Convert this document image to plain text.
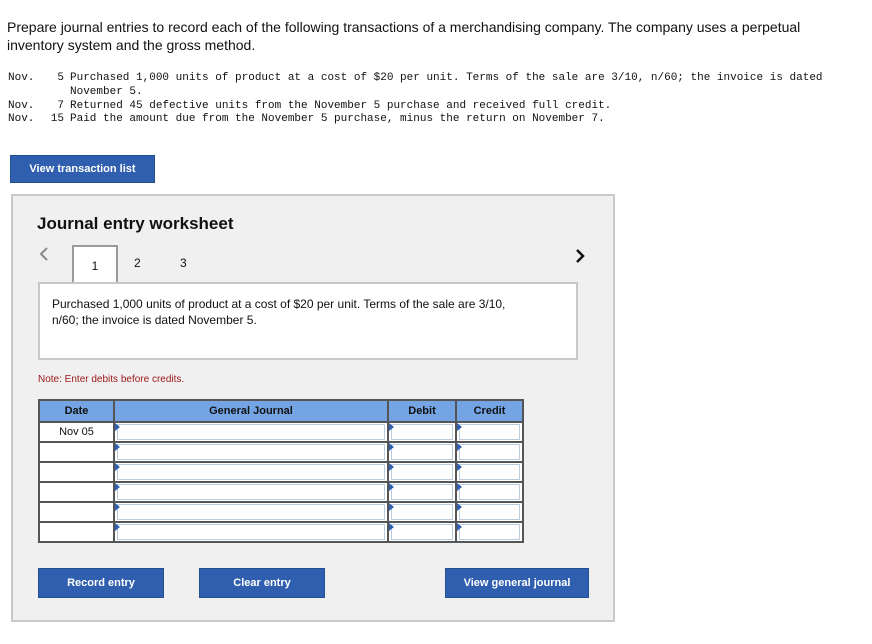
Prepare journal entries to record each of the following transactions of a merchandising company. The company uses a perpetual inventory system and the gross method.
Nov.	5 Purchased 1,000 units of product at a cost of $20 per unit. Terms of the sale are 3/10, n/60; the invoice is dated November 5.
Nov.	7 Returned 45 defective units from the November 5 purchase and received full credit.
Nov.	15 Paid the amount due from the November 5 purchase, minus the return on November 7.
View transaction list
Journal entry worksheet
1	2	3
Purchased 1,000 units of product at a cost of $20 per unit. Terms of the sale are 3/10, n/60; the invoice is dated November 5.
Note: Enter debits before credits.
Date	General Journal	Debit	Credit
Nov 05	

Record entry	Clear entry	View general journal
